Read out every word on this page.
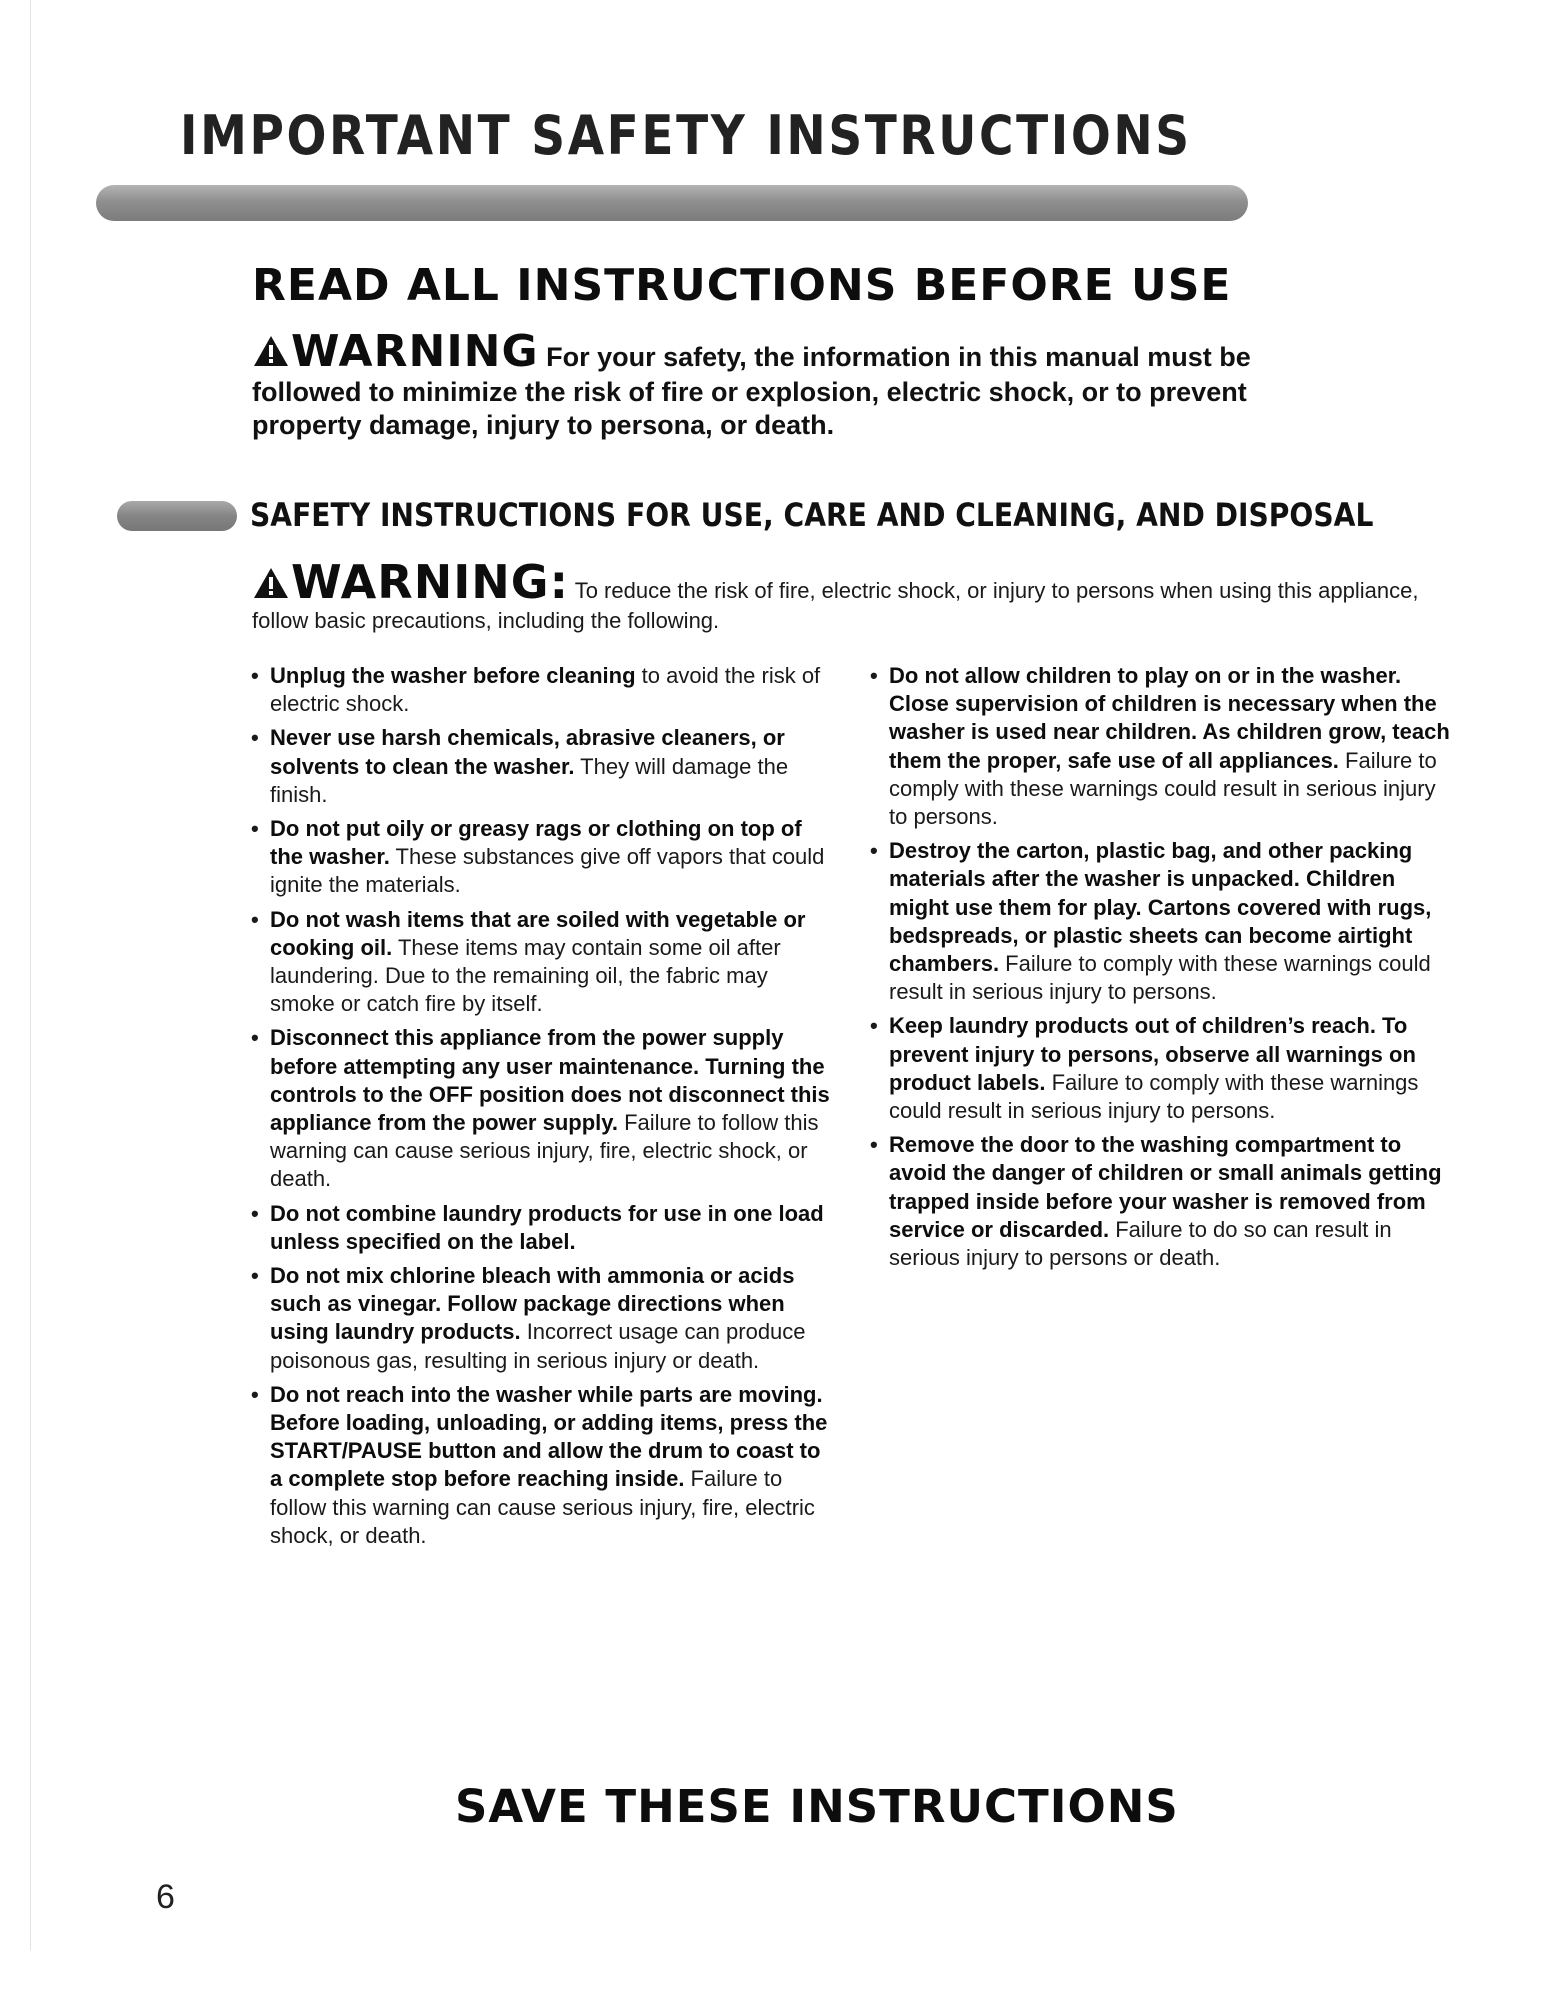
IMPORTANT SAFETY INSTRUCTIONS
READ ALL INSTRUCTIONS BEFORE USE
WARNING For your safety, the information in this manual must be followed to minimize the risk of fire or explosion, electric shock, or to prevent property damage, injury to persona, or death.
SAFETY INSTRUCTIONS FOR USE, CARE AND CLEANING, AND DISPOSAL
WARNING: To reduce the risk of fire, electric shock, or injury to persons when using this appliance, follow basic precautions, including the following.
• Unplug the washer before cleaning to avoid the risk of electric shock.
• Never use harsh chemicals, abrasive cleaners, or solvents to clean the washer. They will damage the finish.
• Do not put oily or greasy rags or clothing on top of the washer. These substances give off vapors that could ignite the materials.
• Do not wash items that are soiled with vegetable or cooking oil. These items may contain some oil after laundering. Due to the remaining oil, the fabric may smoke or catch fire by itself.
• Disconnect this appliance from the power supply before attempting any user maintenance. Turning the controls to the OFF position does not disconnect this appliance from the power supply. Failure to follow this warning can cause serious injury, fire, electric shock, or death.
• Do not combine laundry products for use in one load unless specified on the label.
• Do not mix chlorine bleach with ammonia or acids such as vinegar. Follow package directions when using laundry products. Incorrect usage can produce poisonous gas, resulting in serious injury or death.
• Do not reach into the washer while parts are moving. Before loading, unloading, or adding items, press the START/PAUSE button and allow the drum to coast to a complete stop before reaching inside. Failure to follow this warning can cause serious injury, fire, electric shock, or death.
• Do not allow children to play on or in the washer. Close supervision of children is necessary when the washer is used near children. As children grow, teach them the proper, safe use of all appliances. Failure to comply with these warnings could result in serious injury to persons.
• Destroy the carton, plastic bag, and other packing materials after the washer is unpacked. Children might use them for play. Cartons covered with rugs, bedspreads, or plastic sheets can become airtight chambers. Failure to comply with these warnings could result in serious injury to persons.
• Keep laundry products out of children’s reach. To prevent injury to persons, observe all warnings on product labels. Failure to comply with these warnings could result in serious injury to persons.
• Remove the door to the washing compartment to avoid the danger of children or small animals getting trapped inside before your washer is removed from service or discarded. Failure to do so can result in serious injury to persons or death.
SAVE THESE INSTRUCTIONS
6
